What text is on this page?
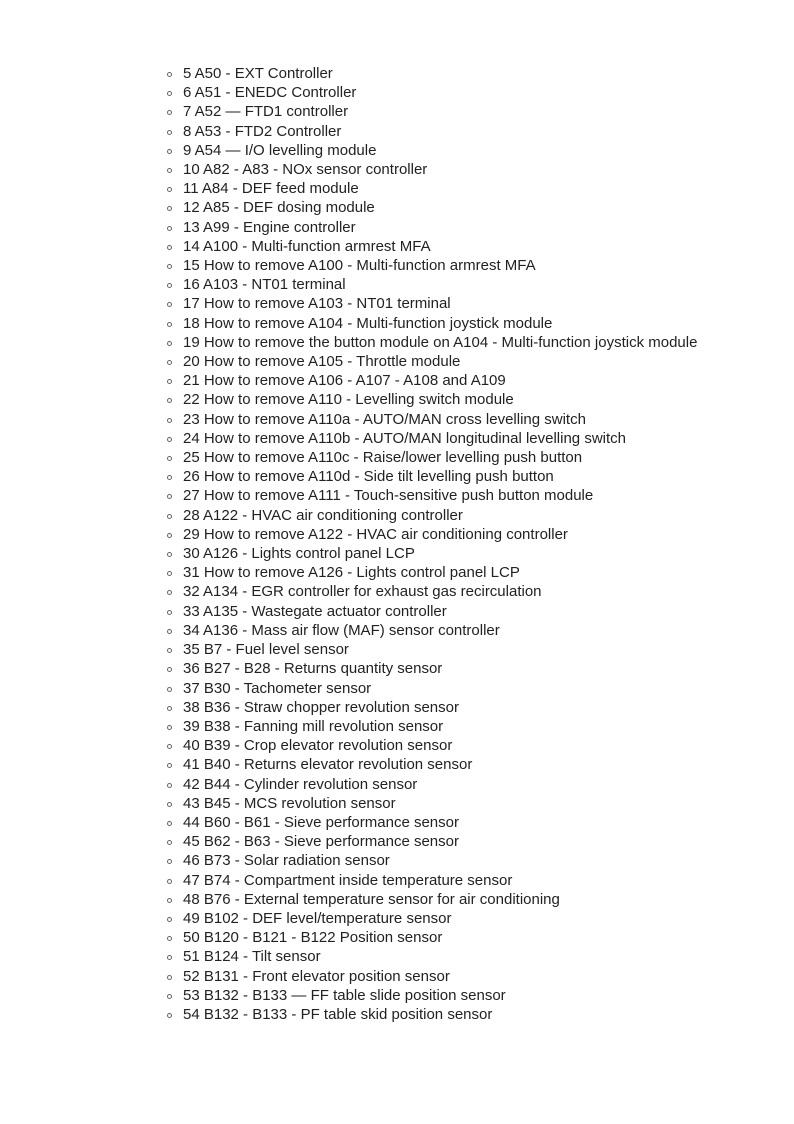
5 A50 - EXT Controller
6 A51 - ENEDC Controller
7 A52 — FTD1 controller
8 A53 - FTD2 Controller
9 A54 — I/O levelling module
10 A82 - A83 - NOx sensor controller
11 A84 - DEF feed module
12 A85 - DEF dosing module
13 A99 - Engine controller
14 A100 - Multi-function armrest MFA
15 How to remove A100 - Multi-function armrest MFA
16 A103 - NT01 terminal
17 How to remove A103 - NT01 terminal
18 How to remove A104 - Multi-function joystick module
19 How to remove the button module on A104 - Multi-function joystick module
20 How to remove A105 - Throttle module
21 How to remove A106 - A107 - A108 and A109
22 How to remove A110 - Levelling switch module
23 How to remove A110a - AUTO/MAN cross levelling switch
24 How to remove A110b - AUTO/MAN longitudinal levelling switch
25 How to remove A110c - Raise/lower levelling push button
26 How to remove A110d - Side tilt levelling push button
27 How to remove A111 - Touch-sensitive push button module
28 A122 - HVAC air conditioning controller
29 How to remove A122 - HVAC air conditioning controller
30 A126 - Lights control panel LCP
31 How to remove A126 - Lights control panel LCP
32 A134 - EGR controller for exhaust gas recirculation
33 A135 - Wastegate actuator controller
34 A136 - Mass air flow (MAF) sensor controller
35 B7 - Fuel level sensor
36 B27 - B28 - Returns quantity sensor
37 B30 - Tachometer sensor
38 B36 - Straw chopper revolution sensor
39 B38 - Fanning mill revolution sensor
40 B39 - Crop elevator revolution sensor
41 B40 - Returns elevator revolution sensor
42 B44 - Cylinder revolution sensor
43 B45 - MCS revolution sensor
44 B60 - B61 - Sieve performance sensor
45 B62 - B63 - Sieve performance sensor
46 B73 - Solar radiation sensor
47 B74 - Compartment inside temperature sensor
48 B76 - External temperature sensor for air conditioning
49 B102 - DEF level/temperature sensor
50 B120 - B121 - B122 Position sensor
51 B124 - Tilt sensor
52 B131 - Front elevator position sensor
53 B132 - B133 — FF table slide position sensor
54 B132 - B133 - PF table skid position sensor
